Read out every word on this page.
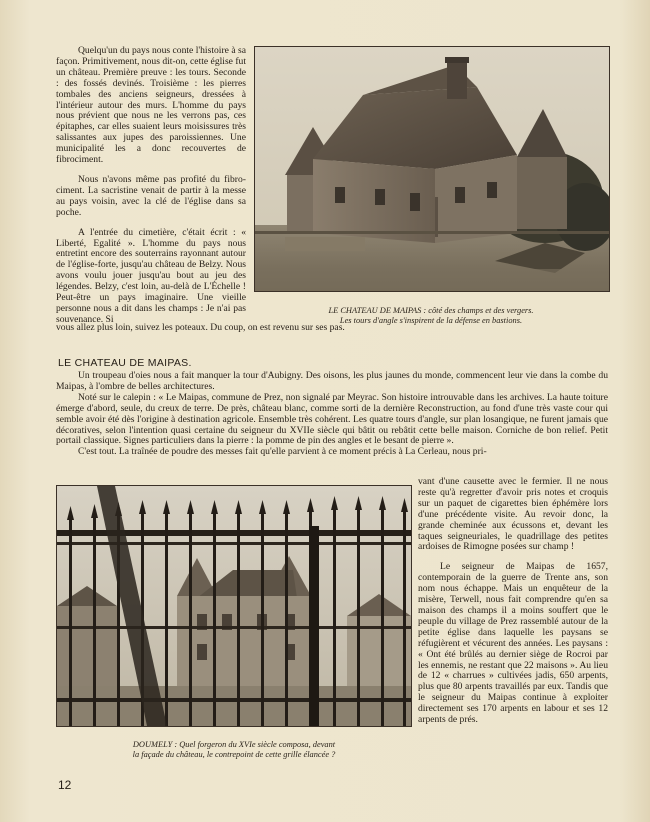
Quelqu'un du pays nous conte l'histoire à sa façon. Primitivement, nous dit-on, cette église fut un château. Première preuve : les tours. Seconde : des fossés devinés. Troisième : les pierres tombales des anciens seigneurs, dressées à l'intérieur autour des murs. L'homme du pays nous prévient que nous ne les verrons pas, ces épitaphes, car elles suaient leurs moisissures très salissantes aux jupes des paroissiennes. Une municipalité les a donc recouvertes de fibrociment.

Nous n'avons même pas profité du fibro-ciment. La sacristine venait de partir à la messe au pays voisin, avec la clé de l'église dans sa poche.

A l'entrée du cimetière, c'était écrit : « Liberté, Egalité ». L'homme du pays nous entretint encore des souterrains rayonnant autour de l'église-forte, jusqu'au château de Belzy. Nous avons voulu jouer jusqu'au bout au jeu des légendes. Belzy, c'est loin, au-delà de L'Échelle ! Peut-être un pays imaginaire. Une vieille personne nous a dit dans les champs : Je n'ai pas souvenance. Si

LE CHATEAU DE MAIPAS : côté des champs et des vergers.
Les tours d'angle s'inspirent de la défense en bastions.

vous allez plus loin, suivez les poteaux. Du coup, on est revenu sur ses pas.

LE CHATEAU DE MAIPAS.

Un troupeau d'oies nous a fait manquer la tour d'Aubigny. Des oisons, les plus jaunes du monde, commencent leur vie dans la combe du Maipas, à l'ombre de belles architectures.

Noté sur le calepin : « Le Maipas, commune de Prez, non signalé par Meyrac. Son histoire introuvable dans les archives. La haute toiture émerge d'abord, seule, du creux de terre. De près, château blanc, comme sorti de la dernière Reconstruction, au fond d'une très vaste cour qui semble avoir été dès l'origine à destination agricole. Ensemble très cohérent. Les quatre tours d'angle, sur plan losangique, ne furent jamais que décoratives, selon l'intention quasi certaine du seigneur du XVIIe siècle qui bâtit ou rebâtit cette belle maison. Corniche de bon relief. Petit portail classique. Signes particuliers dans la pierre : la pomme de pin des angles et le besant de pierre ».

C'est tout. La traînée de poudre des messes fait qu'elle parvient à ce moment précis à La Cerleau, nous pri-

DOUMELY : Quel forgeron du XVIe siècle composa, devant
la façade du château, le contrepoint de cette grille élancée ?

vant d'une causette avec le fermier. Il ne nous reste qu'à regretter d'avoir pris notes et croquis sur un paquet de cigarettes bien éphémère lors d'une précédente visite. Au revoir donc, la grande cheminée aux écussons et, devant les taques seigneuriales, le quadrillage des petites ardoises de Rimogne posées sur champ !

Le seigneur de Maipas de 1657, contemporain de la guerre de Trente ans, son nom nous échappe. Mais un enquêteur de la misère, Terwell, nous fait comprendre qu'en sa maison des champs il a moins souffert que le peuple du village de Prez rassemblé autour de la petite église dans laquelle les paysans se réfugièrent et vécurent des années. Les paysans : « Ont été brûlés au dernier siège de Rocroi par les ennemis, ne restant que 22 maisons ». Au lieu de 12 « charrues » cultivées jadis, 650 arpents, plus que 80 arpents travaillés par eux. Tandis que le seigneur du Maipas continue à exploiter directement ses 170 arpents en labour et ses 12 arpents de prés.

12
